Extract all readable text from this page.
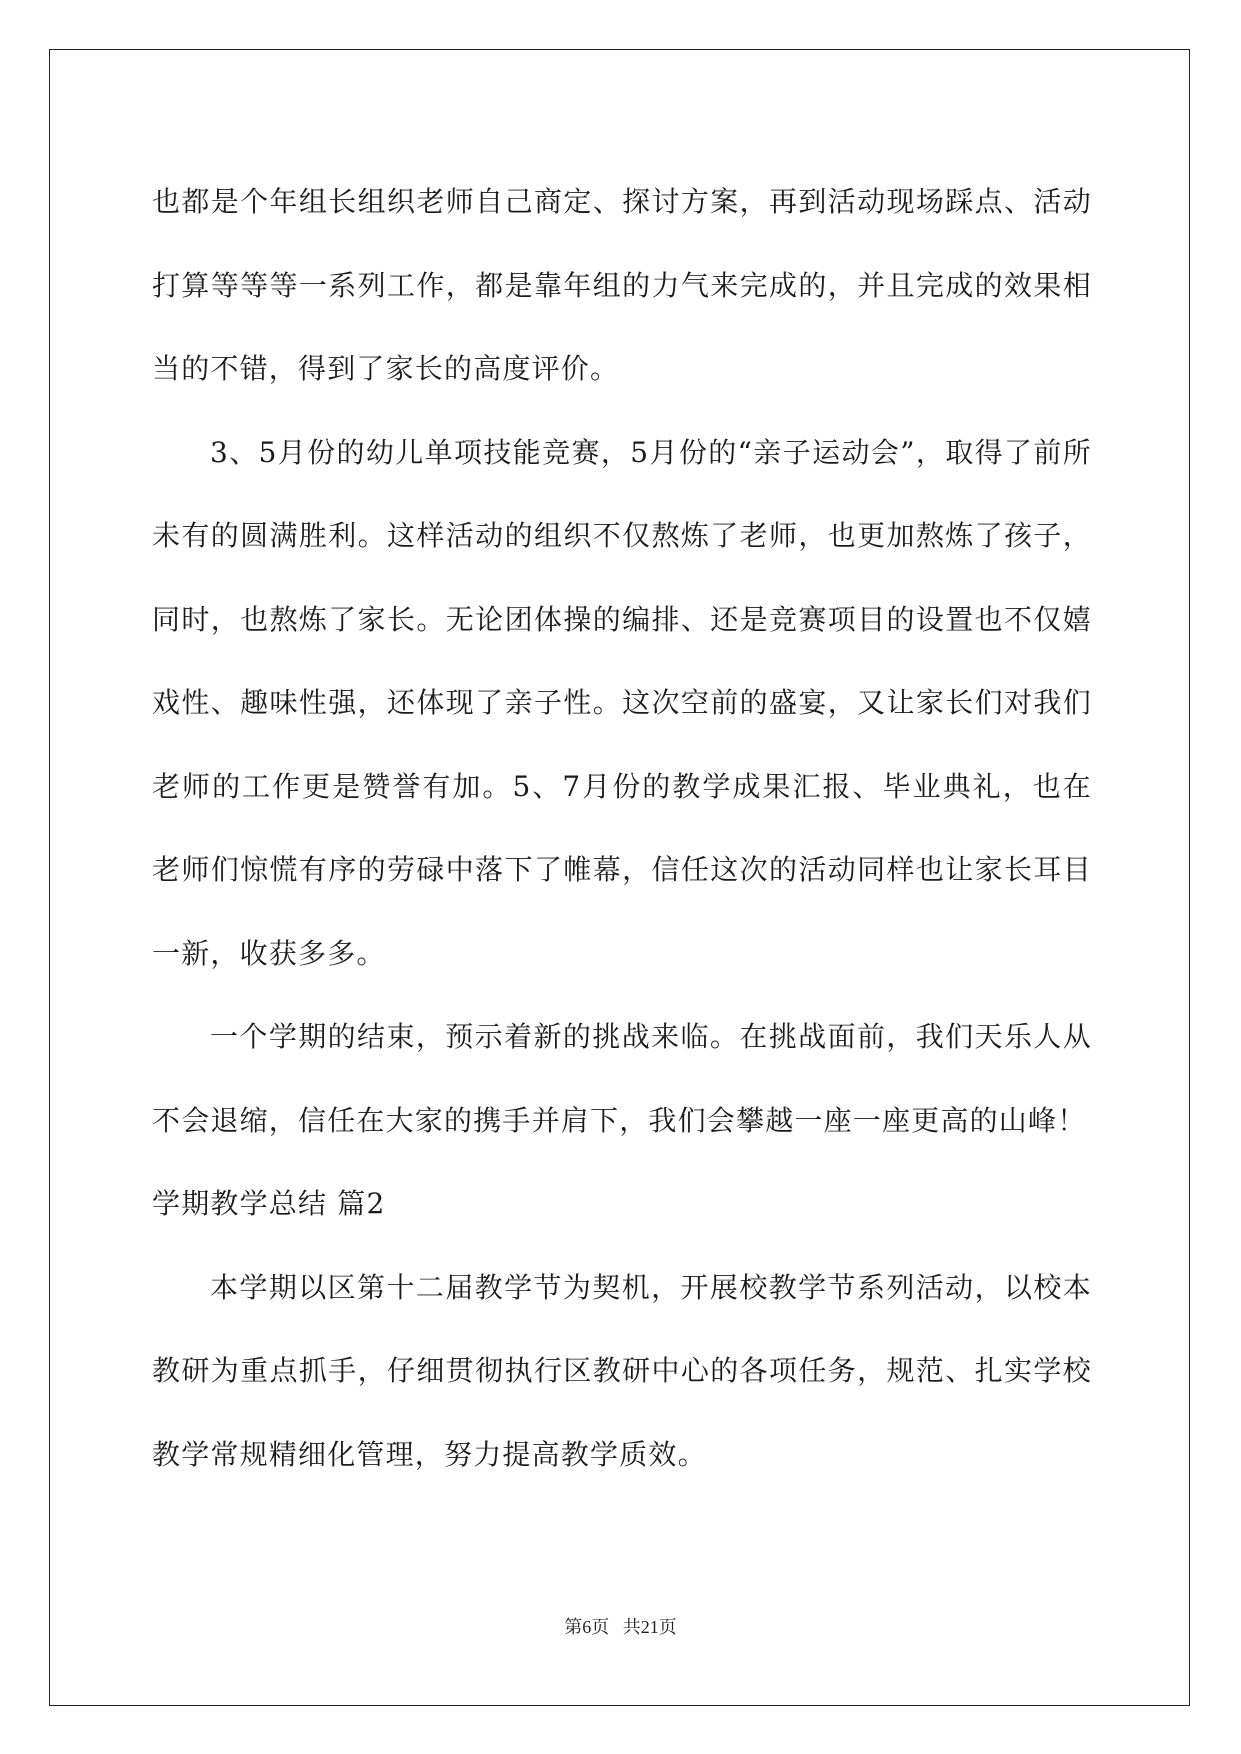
也都是个年组长组织老师自己商定、探讨方案，再到活动现场踩点、活动打算等等等一系列工作，都是靠年组的力气来完成的，并且完成的效果相当的不错，得到了家长的高度评价。

3、5月份的幼儿单项技能竞赛，5月份的“亲子运动会”，取得了前所未有的圆满胜利。这样活动的组织不仅熬炼了老师，也更加熬炼了孩子，同时，也熬炼了家长。无论团体操的编排、还是竞赛项目的设置也不仅嬉戏性、趣味性强，还体现了亲子性。这次空前的盛宴，又让家长们对我们老师的工作更是赞誉有加。5、7月份的教学成果汇报、毕业典礼，也在老师们惊慌有序的劳碌中落下了帷幕，信任这次的活动同样也让家长耳目一新，收获多多。

一个学期的结束，预示着新的挑战来临。在挑战面前，我们天乐人从不会退缩，信任在大家的携手并肩下，我们会攀越一座一座更高的山峰！

学期教学总结 篇2

本学期以区第十二届教学节为契机，开展校教学节系列活动，以校本教研为重点抓手，仔细贯彻执行区教研中心的各项任务，规范、扎实学校教学常规精细化管理，努力提高教学质效。

第6页   共21页
